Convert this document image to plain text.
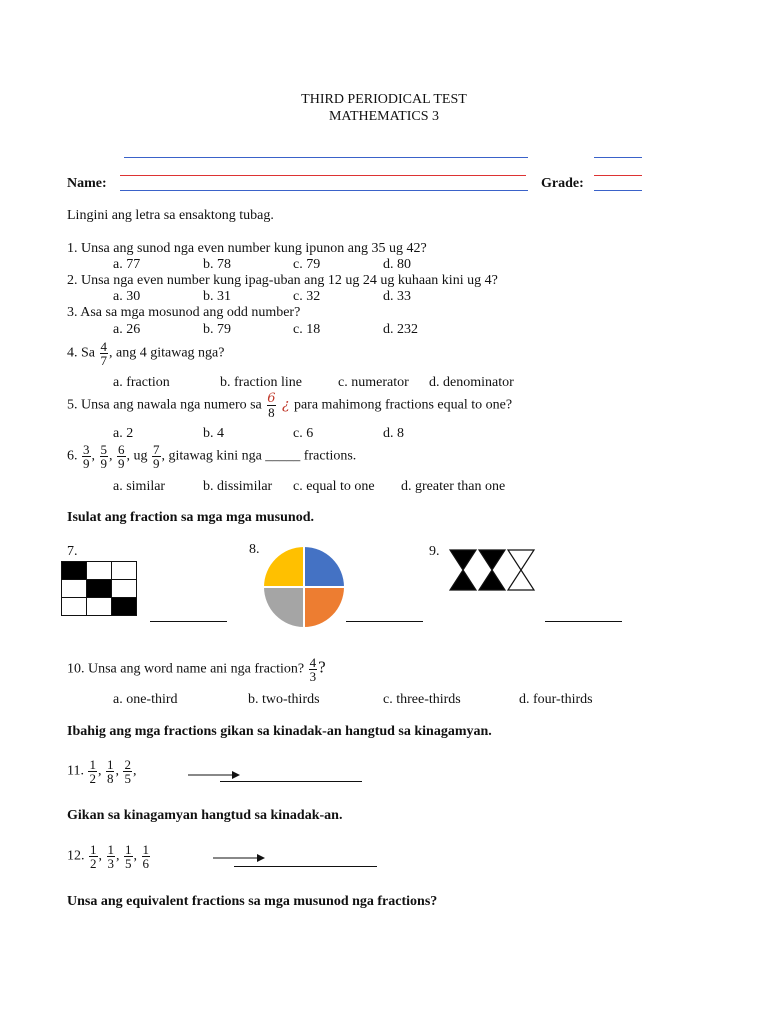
THIRD PERIODICAL TEST
MATHEMATICS 3
Name:	Grade:
Lingini ang letra sa ensaktong tubag.
1. Unsa ang sunod nga even number kung ipunon ang 35 ug 42?
a. 77	b. 78	c. 79	d. 80
2. Unsa nga even number kung ipag-uban ang 12 ug 24 ug kuhaan kini ug 4?
a. 30	b. 31	c. 32	d. 33
3. Asa sa mga mosunod ang odd number?
a. 26	b. 79	c. 18	d. 232
4. Sa $\frac{4}{7}$ , ang 4 gitawag nga?
a. fraction	b. fraction line	c. numerator d. denominator
5. Unsa ang nawala nga numero sa $\frac{6}{8}$ ¿ para mahimong fractions equal to one?
a. 2	b. 4	c. 6	d. 8
6. $\frac{3}{9}$ , $\frac{5}{9}$ , $\frac{6}{9}$ , ug $\frac{7}{9}$ , gitawag kini nga _____ fractions.
a. similar	b. dissimilar c. equal to one d. greater than one
Isulat ang fraction sa mga mga musunod.
7.	8.	9.

10. Unsa ang word name ani nga fraction? $\frac{4}{3}$ ?
a. one-third	b. two-thirds	c. three-thirds	d. four-thirds
Ibahig ang mga fractions gikan sa kinadak-an hangtud sa kinagamyan.
11. $\frac{1}{2}$ , $\frac{1}{8}$ , $\frac{2}{5}$ ,
Gikan sa kinagamyan hangtud sa kinadak-an.
12. $\frac{1}{2}$ , $\frac{1}{3}$ , $\frac{1}{5}$ , $\frac{1}{6}$
Unsa ang equivalent fractions sa mga musunod nga fractions?
